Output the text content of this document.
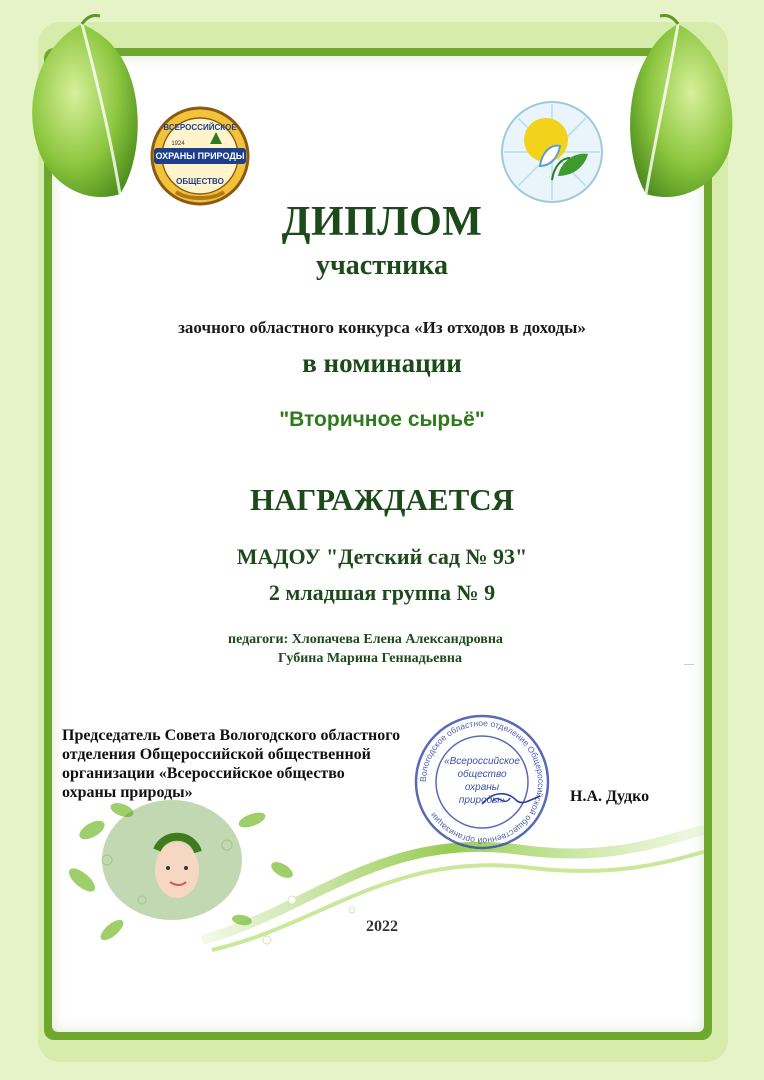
ОХРАНЫ ПРИРОДЫ
ВСЕРОССИЙСКОЕ
ОБЩЕСТВО
1924
ДИПЛОМ
участника
заочного областного конкурса «Из отходов в доходы»
в номинации
"Вторичное сырьё"
НАГРАЖДАЕТСЯ
МАДОУ "Детский сад № 93"
2 младшая группа № 9
педагоги: Хлопачева Елена Александровна

Губина Марина Геннадьевна
Председатель Совета Вологодского областного
отделения Общероссийской общественной
организации «Всероссийское общество
охраны природы»
Вологодское областное отделение Общероссийской общественной организации
«Всероссийское
общество
охраны
природы»	Н.А. Дудко
2022
